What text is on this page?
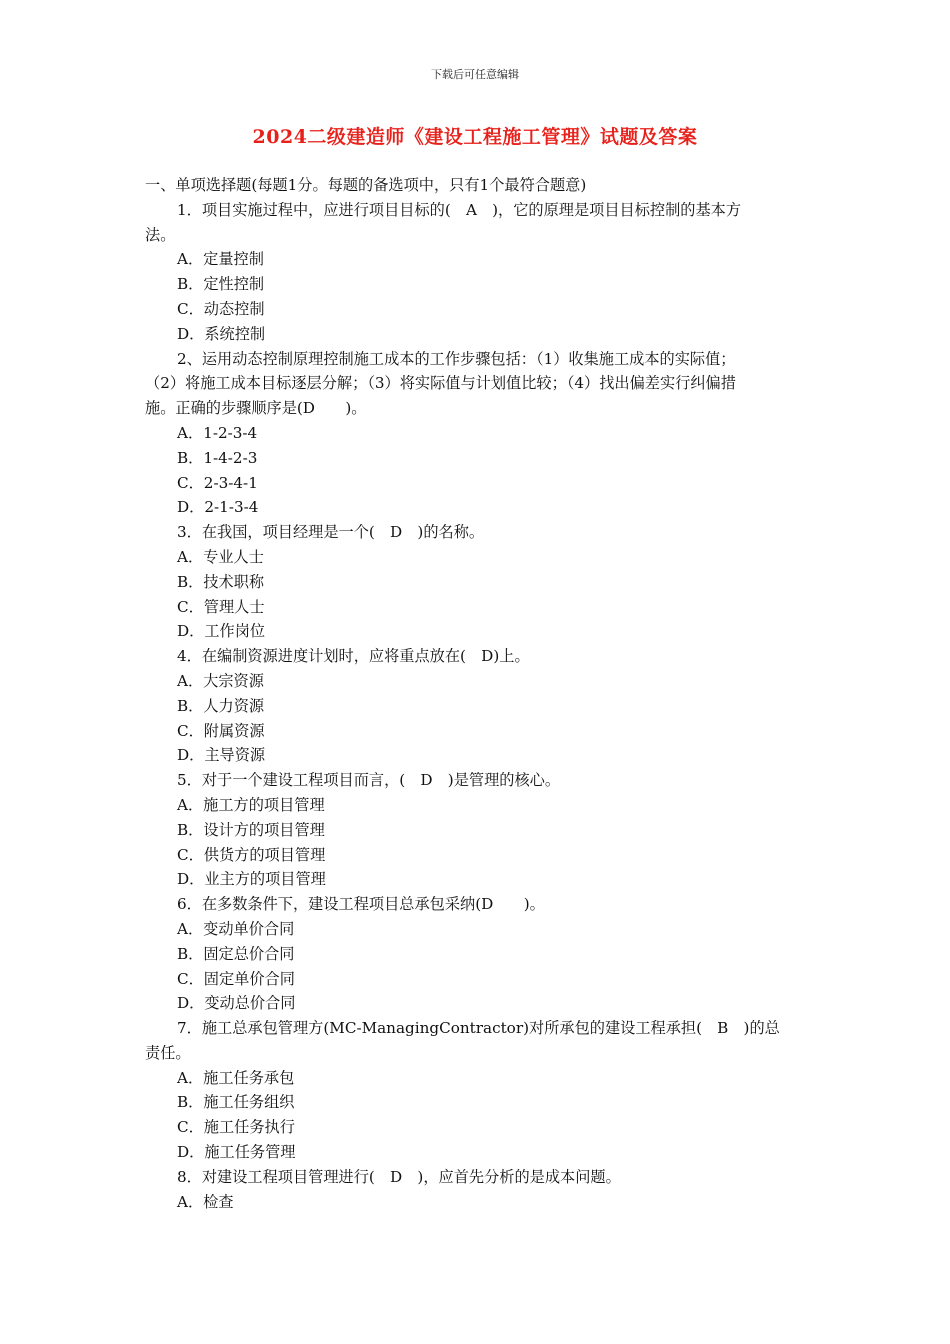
下载后可任意编辑
2024二级建造师《建设工程施工管理》试题及答案
一、单项选择题(每题1分。每题的备选项中，只有1个最符合题意)
1．项目实施过程中，应进行项目目标的(　A　)，它的原理是项目目标控制的基本方
法。
A．定量控制
B．定性控制
C．动态控制
D．系统控制
2、运用动态控制原理控制施工成本的工作步骤包括：（1）收集施工成本的实际值；
（2）将施工成本目标逐层分解；（3）将实际值与计划值比较；（4）找出偏差实行纠偏措
施。正确的步骤顺序是(D　　)。
A．1-2-3-4
B．1-4-2-3
C．2-3-4-1
D．2-1-3-4
3．在我国，项目经理是一个(　D　)的名称。
A．专业人士
B．技术职称
C．管理人士
D．工作岗位
4．在编制资源进度计划时，应将重点放在(　D)上。
A．大宗资源
B．人力资源
C．附属资源
D．主导资源
5．对于一个建设工程项目而言，(　D　)是管理的核心。
A．施工方的项目管理
B．设计方的项目管理
C．供货方的项目管理
D．业主方的项目管理
6．在多数条件下，建设工程项目总承包采纳(D　　)。
A．变动单价合同
B．固定总价合同
C．固定单价合同
D．变动总价合同
7．施工总承包管理方(MC-ManagingContractor)对所承包的建设工程承担(　B　)的总
责任。
A．施工任务承包
B．施工任务组织
C．施工任务执行
D．施工任务管理
8．对建设工程项目管理进行(　D　)，应首先分析的是成本问题。
A．检查
